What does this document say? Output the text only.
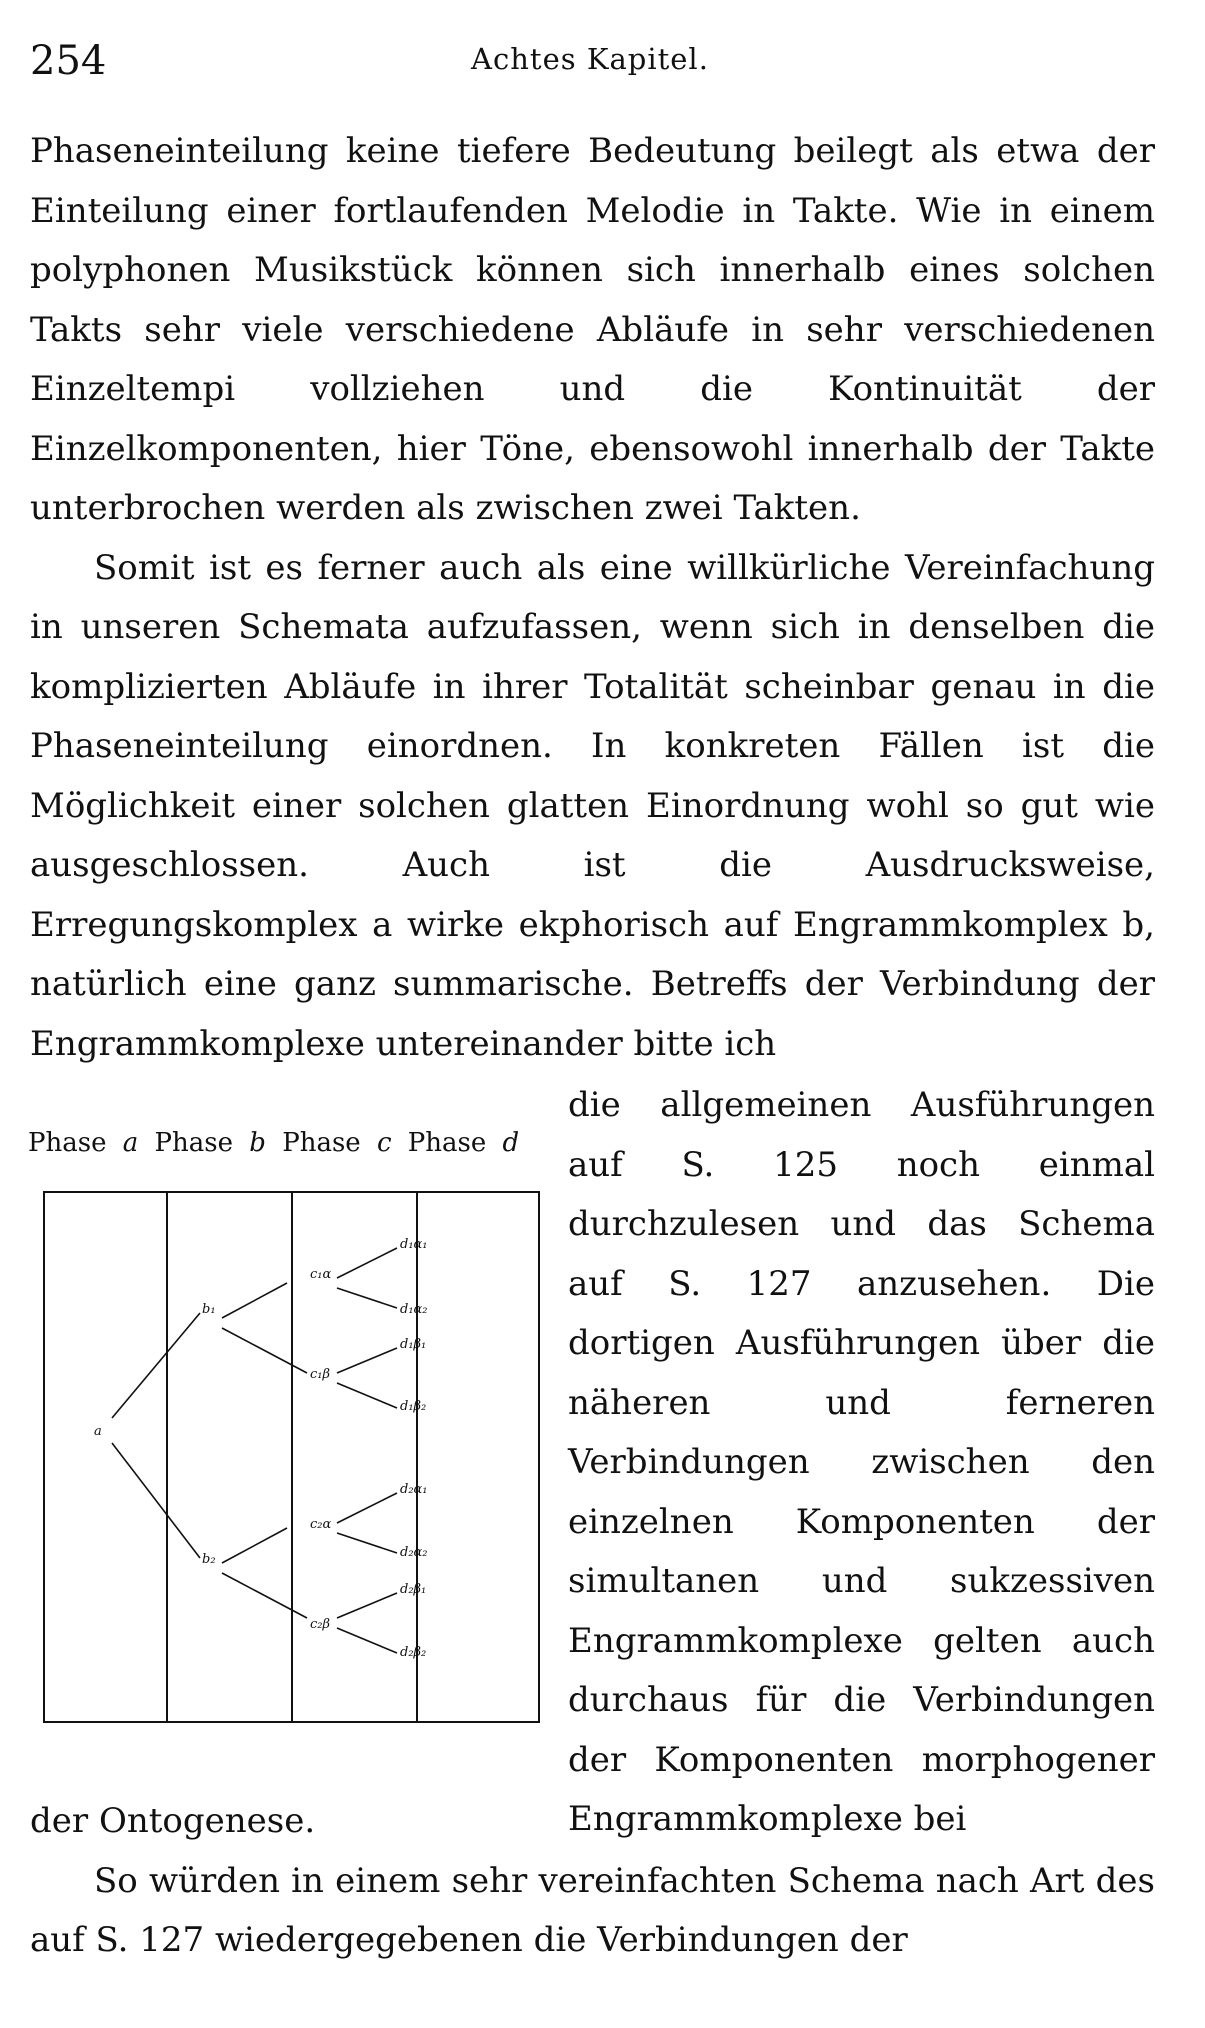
254	Achtes Kapitel.

Phaseneinteilung keine tiefere Bedeutung beilegt als etwa der Einteilung einer fortlaufenden Melodie in Takte. Wie in einem polyphonen Musikstück können sich innerhalb eines solchen Takts sehr viele verschiedene Abläufe in sehr verschiedenen Einzeltempi vollziehen und die Kontinuität der Einzelkomponenten, hier Töne, ebensowohl innerhalb der Takte unterbrochen werden als zwischen zwei Takten.

Somit ist es ferner auch als eine willkürliche Vereinfachung in unseren Schemata aufzufassen, wenn sich in denselben die komplizierten Abläufe in ihrer Totalität scheinbar genau in die Phaseneinteilung einordnen. In konkreten Fällen ist die Möglichkeit einer solchen glatten Einordnung wohl so gut wie ausgeschlossen. Auch ist die Ausdrucksweise, Erregungskomplex a wirke ekphorisch auf Engrammkomplex b, natürlich eine ganz summarische. Betreffs der Verbindung der Engrammkomplexe untereinander bitte ich

Phase a Phase b Phase c Phase d
a
b₁
b₂
c₁α
c₁β
c₂α
c₂β
d₁α₁
d₁α₂
d₁β₁
d₁β₂
d₂α₁
d₂α₂
d₂β₁
d₂β₂

die allgemeinen Ausführungen auf S. 125 noch einmal durchzulesen und das Schema auf S. 127 anzusehen. Die dortigen Ausführungen über die näheren und ferneren Verbindungen zwischen den einzelnen Komponenten der simultanen und sukzessiven Engrammkomplexe gelten auch durchaus für die Verbindungen der Komponenten morphogener Engrammkomplexe bei

der Ontogenese.

So würden in einem sehr vereinfachten Schema nach Art des auf S. 127 wiedergegebenen die Verbindungen der
